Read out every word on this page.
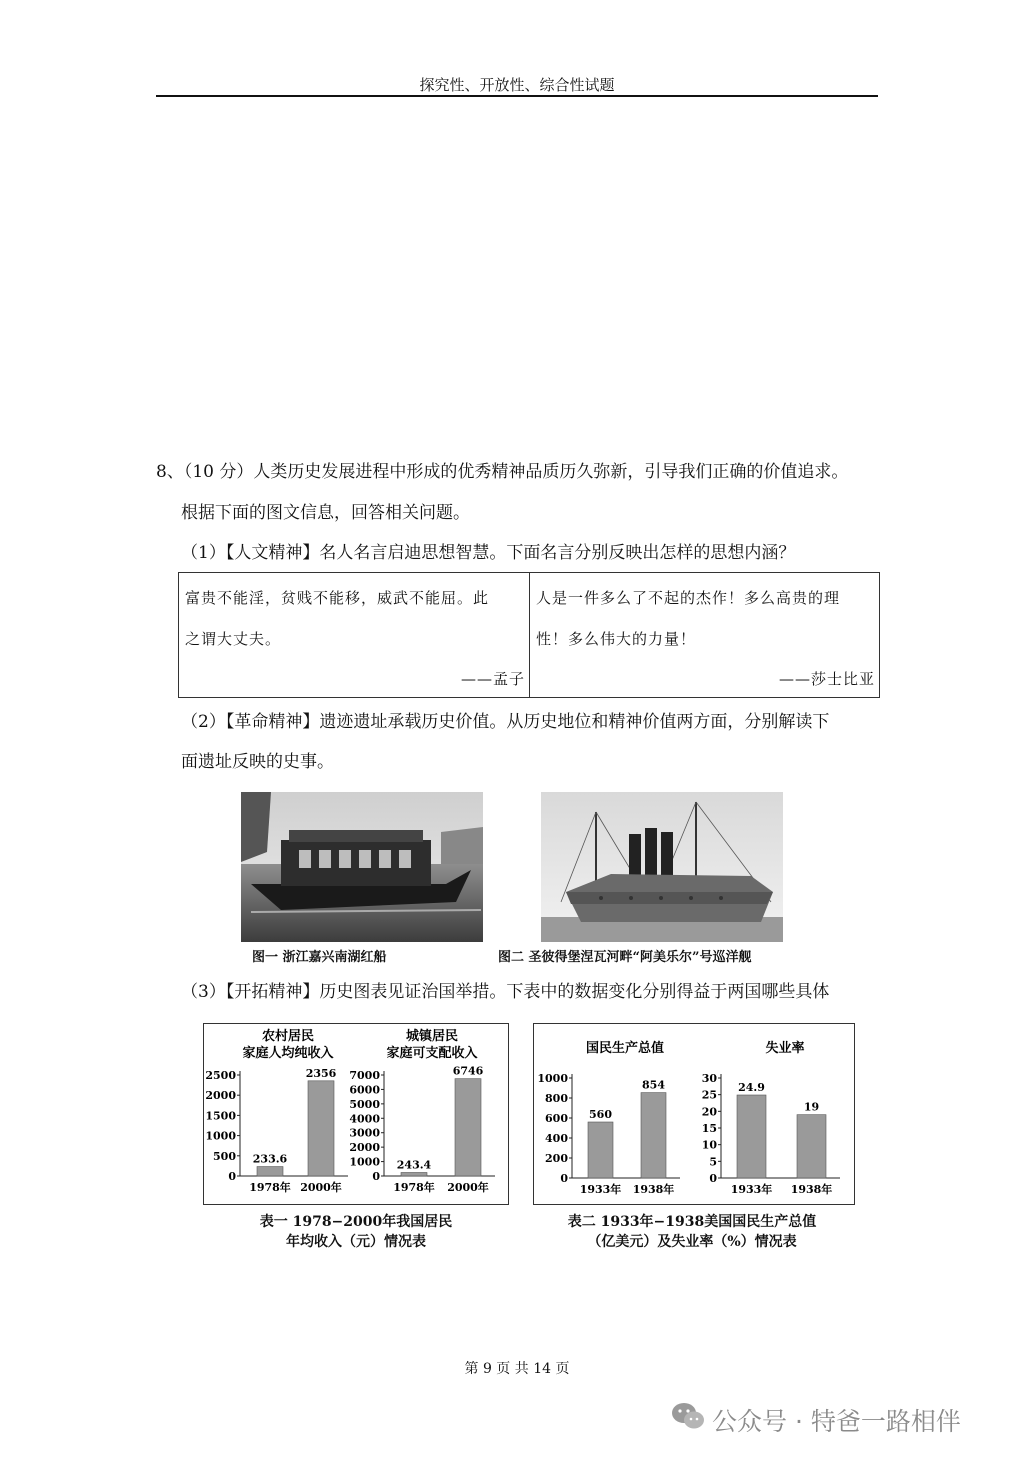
探究性、开放性、综合性试题
8、（10 分）人类历史发展进程中形成的优秀精神品质历久弥新，引导我们正确的价值追求。
根据下面的图文信息，回答相关问题。
（1）【人文精神】名人名言启迪思想智慧。下面名言分别反映出怎样的思想内涵？
富贵不能淫，贫贱不能移，威武不能屈。此
之谓大丈夫。
——孟子
人是一件多么了不起的杰作！多么高贵的理
性！多么伟大的力量！
——莎士比亚
（2）【革命精神】遗迹遗址承载历史价值。从历史地位和精神价值两方面，分别解读下
面遗址反映的史事。
图一 浙江嘉兴南湖红船	图二 圣彼得堡涅瓦河畔“阿美乐尔”号巡洋舰
（3）【开拓精神】历史图表见证治国举措。下表中的数据变化分别得益于两国哪些具体
农村居民
家庭人均纯收入
0
500
1000
1500
2000
2500
233.6
1978年
2356
2000年
城镇居民
家庭可支配收入
0
1000
2000
3000
4000
5000
6000
7000
243.4
1978年
6746
2000年
国民生产总值
0
200
400
600
800
1000
560
1933年
854
1938年
失业率
0
5
10
15
20
25
30
24.9
1933年
19
1938年
表一 1978−2000年我国居民
年均收入（元）情况表
表二 1933年−1938美国国民生产总值
（亿美元）及失业率（%）情况表
第 9 页 共 14 页
公众号 · 特爸一路相伴
